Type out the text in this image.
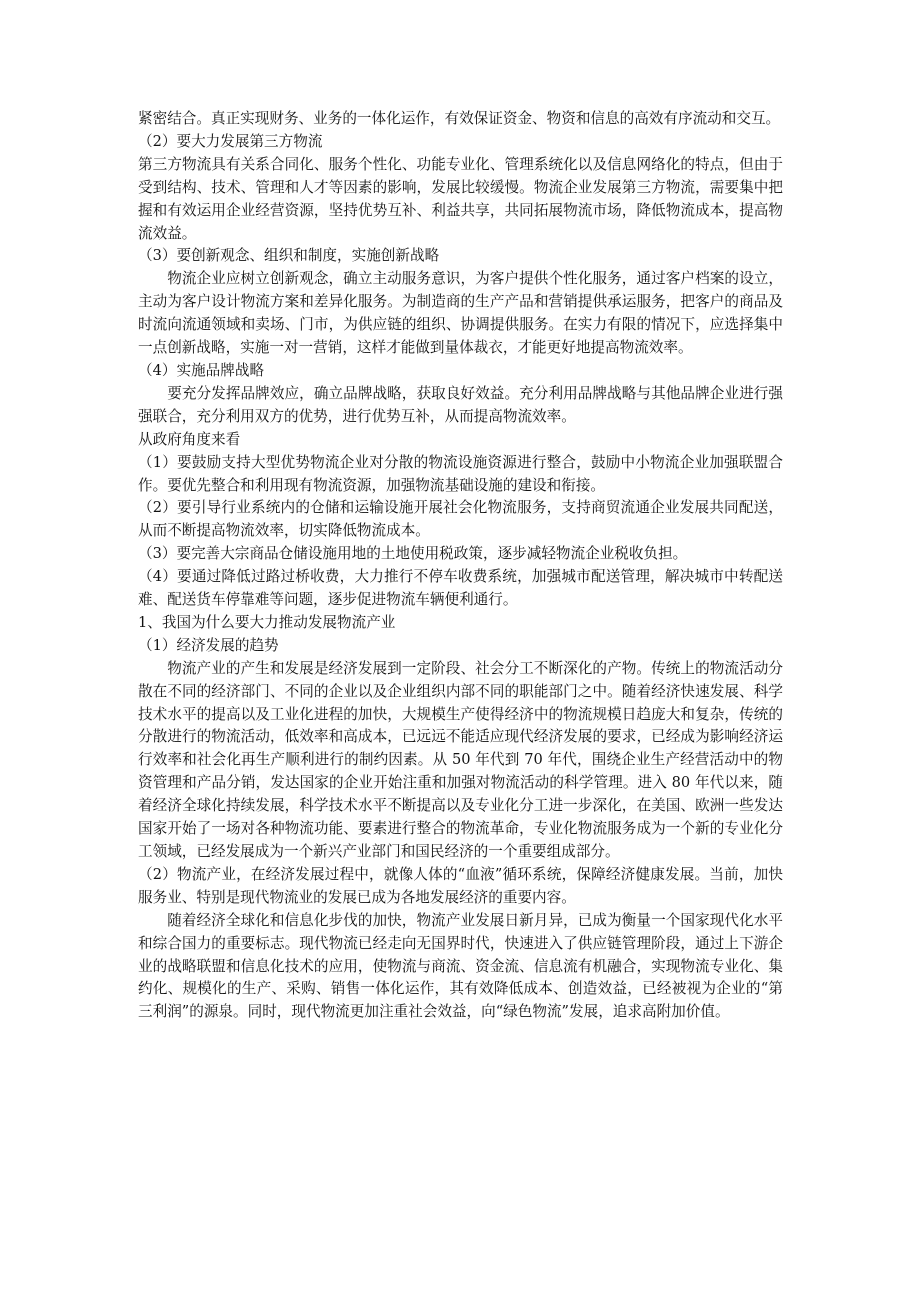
紧密结合。真正实现财务、业务的一体化运作，有效保证资金、物资和信息的高效有序流动和交互。

（2）要大力发展第三方物流

第三方物流具有关系合同化、服务个性化、功能专业化、管理系统化以及信息网络化的特点，但由于受到结构、技术、管理和人才等因素的影响，发展比较缓慢。物流企业发展第三方物流，需要集中把握和有效运用企业经营资源，坚持优势互补、利益共享，共同拓展物流市场，降低物流成本，提高物流效益。

（3）要创新观念、组织和制度，实施创新战略

物流企业应树立创新观念，确立主动服务意识，为客户提供个性化服务，通过客户档案的设立，主动为客户设计物流方案和差异化服务。为制造商的生产产品和营销提供承运服务，把客户的商品及时流向流通领域和卖场、门市，为供应链的组织、协调提供服务。在实力有限的情况下，应选择集中一点创新战略，实施一对一营销，这样才能做到量体裁衣，才能更好地提高物流效率。

（4）实施品牌战略

要充分发挥品牌效应，确立品牌战略，获取良好效益。充分利用品牌战略与其他品牌企业进行强强联合，充分利用双方的优势，进行优势互补，从而提高物流效率。

从政府角度来看

（1）要鼓励支持大型优势物流企业对分散的物流设施资源进行整合，鼓励中小物流企业加强联盟合作。要优先整合和利用现有物流资源，加强物流基础设施的建设和衔接。

（2）要引导行业系统内的仓储和运输设施开展社会化物流服务，支持商贸流通企业发展共同配送，从而不断提高物流效率，切实降低物流成本。

（3）要完善大宗商品仓储设施用地的土地使用税政策，逐步减轻物流企业税收负担。

（4）要通过降低过路过桥收费，大力推行不停车收费系统，加强城市配送管理，解决城市中转配送难、配送货车停靠难等问题，逐步促进物流车辆便利通行。

1、我国为什么要大力推动发展物流产业

（1）经济发展的趋势

物流产业的产生和发展是经济发展到一定阶段、社会分工不断深化的产物。传统上的物流活动分散在不同的经济部门、不同的企业以及企业组织内部不同的职能部门之中。随着经济快速发展、科学技术水平的提高以及工业化进程的加快，大规模生产使得经济中的物流规模日趋庞大和复杂，传统的分散进行的物流活动，低效率和高成本，已远远不能适应现代经济发展的要求，已经成为影响经济运行效率和社会化再生产顺利进行的制约因素。从 50 年代到 70 年代，围绕企业生产经营活动中的物资管理和产品分销，发达国家的企业开始注重和加强对物流活动的科学管理。进入 80 年代以来，随着经济全球化持续发展，科学技术水平不断提高以及专业化分工进一步深化，在美国、欧洲一些发达国家开始了一场对各种物流功能、要素进行整合的物流革命，专业化物流服务成为一个新的专业化分工领域，已经发展成为一个新兴产业部门和国民经济的一个重要组成部分。

（2）物流产业，在经济发展过程中，就像人体的“血液”循环系统，保障经济健康发展。当前，加快服务业、特别是现代物流业的发展已成为各地发展经济的重要内容。

随着经济全球化和信息化步伐的加快，物流产业发展日新月异，已成为衡量一个国家现代化水平和综合国力的重要标志。现代物流已经走向无国界时代，快速进入了供应链管理阶段，通过上下游企业的战略联盟和信息化技术的应用，使物流与商流、资金流、信息流有机融合，实现物流专业化、集约化、规模化的生产、采购、销售一体化运作，其有效降低成本、创造效益，已经被视为企业的“第三利润”的源泉。同时，现代物流更加注重社会效益，向“绿色物流”发展，追求高附加价值。
